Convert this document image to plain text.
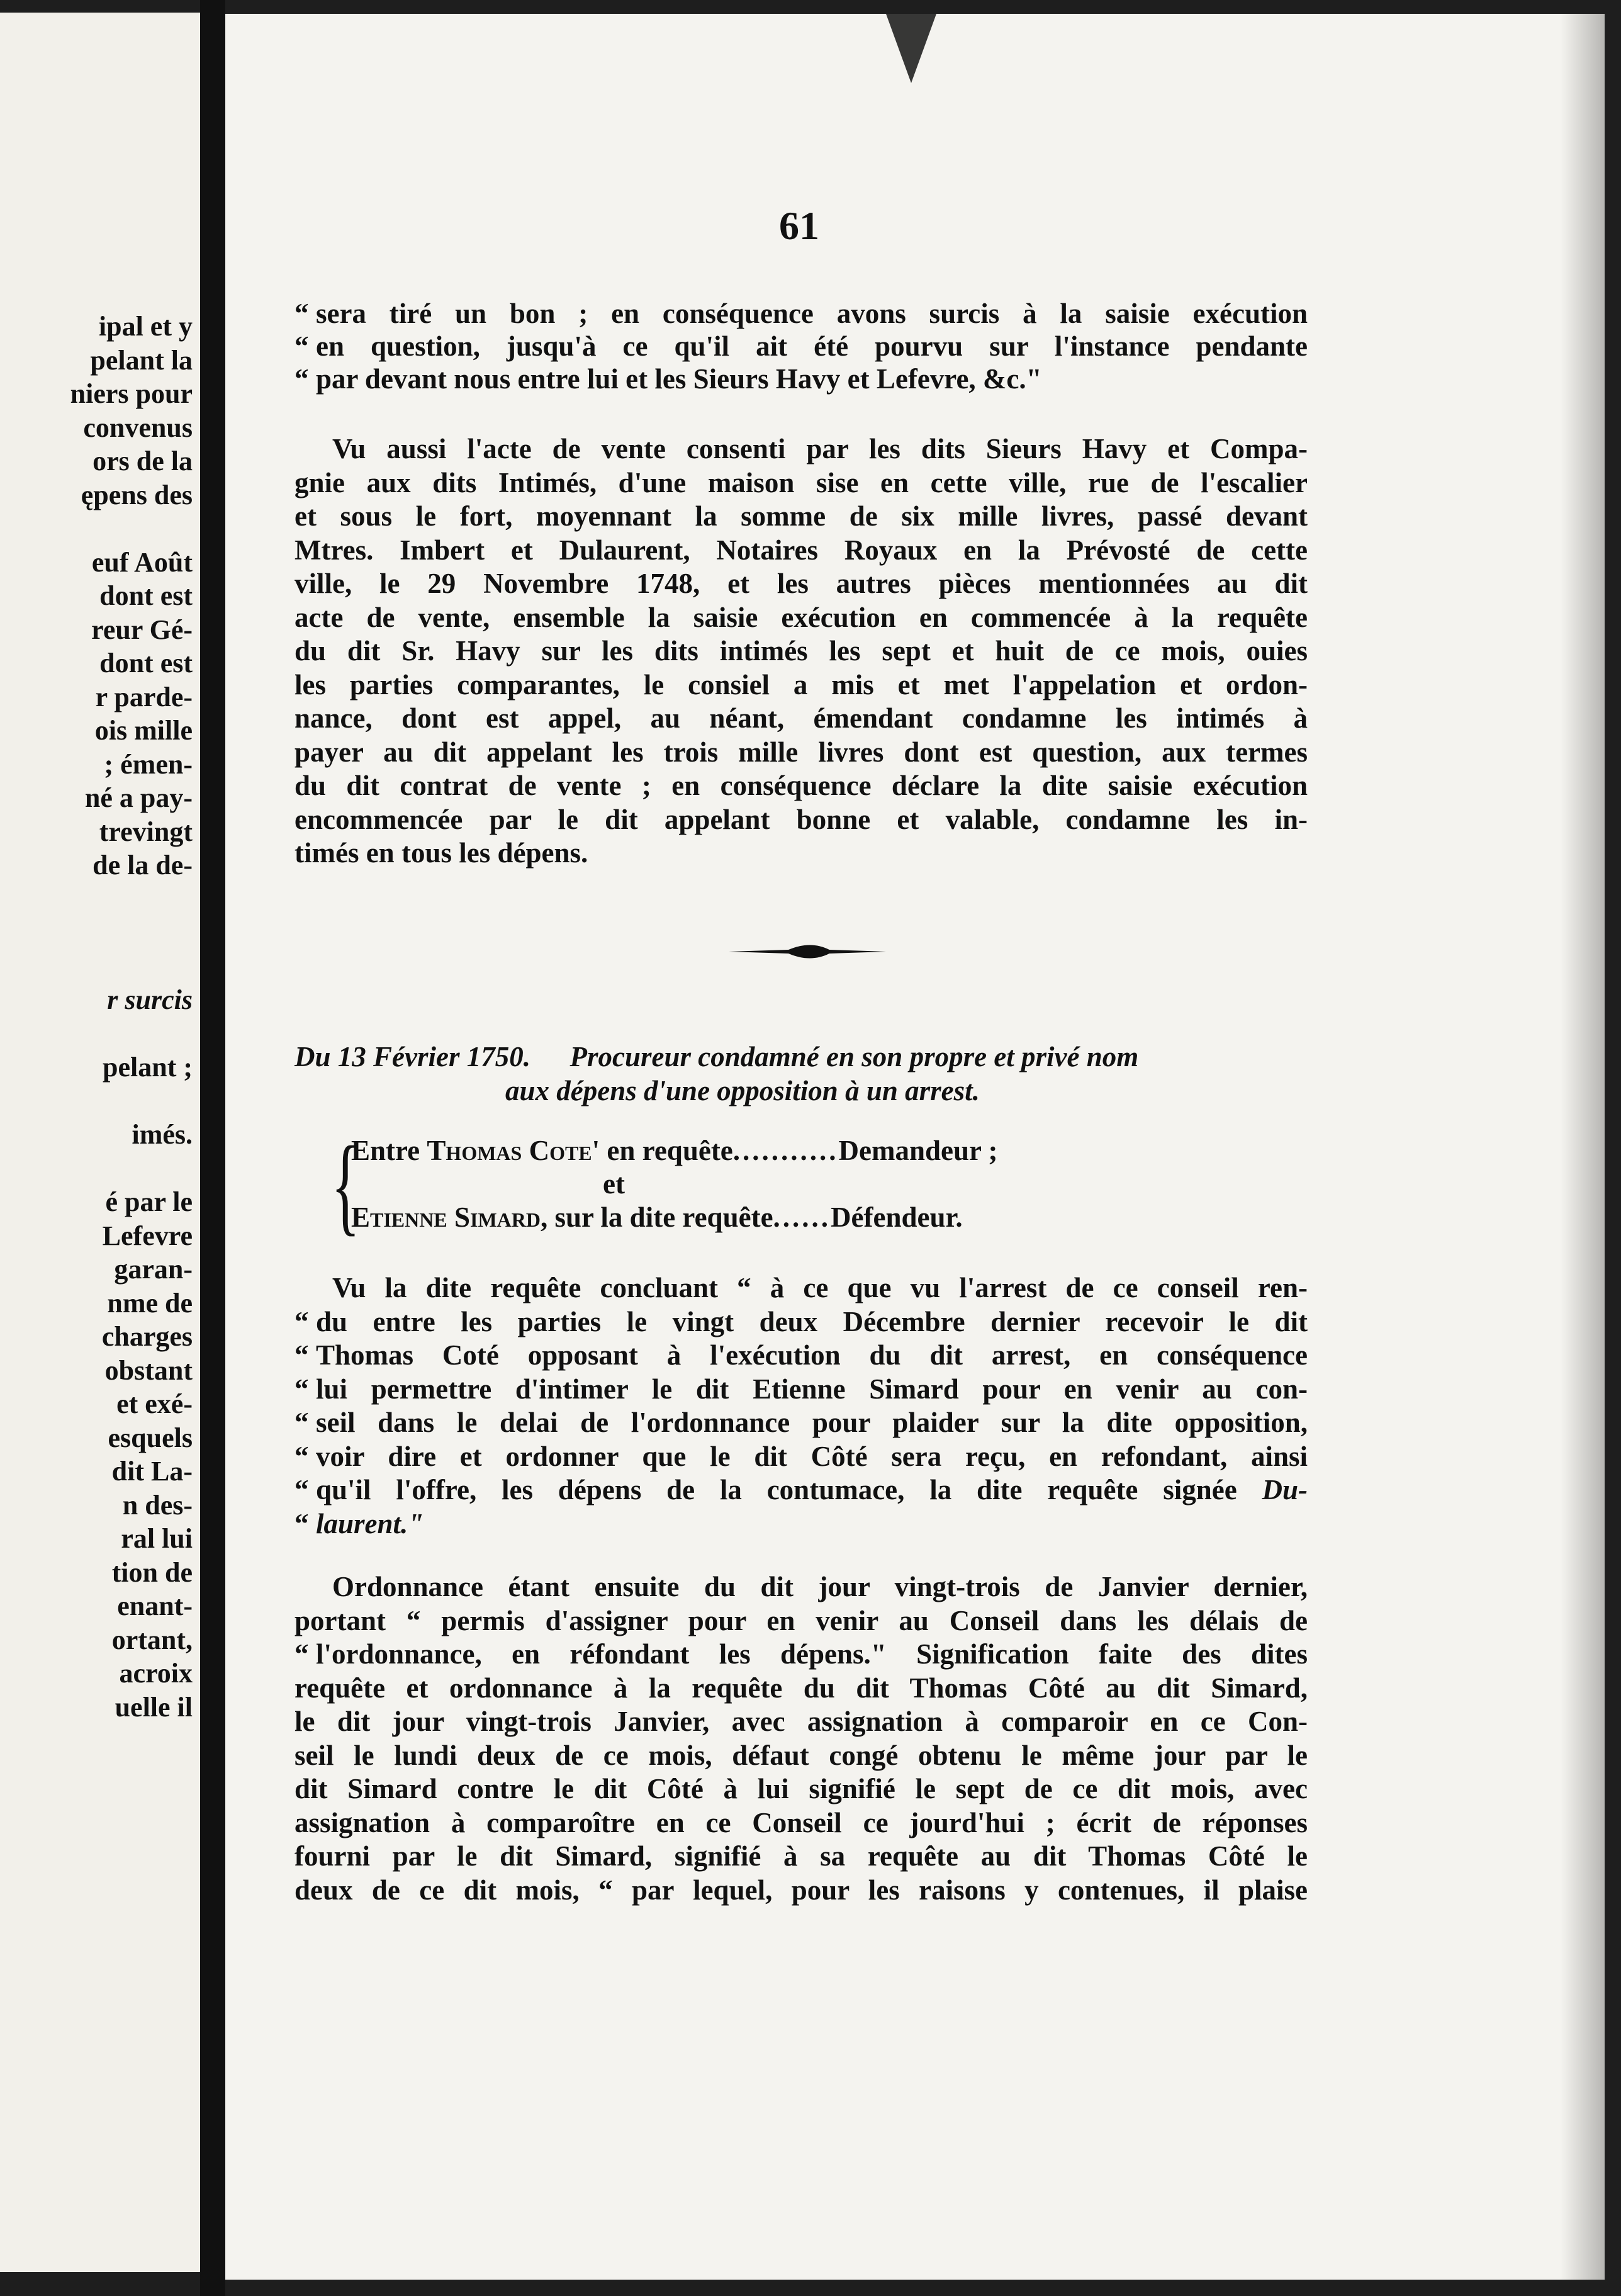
ipal et y
pelant la
niers pour
convenus
ors de la
ępens des
euf Août
dont est
reur Gé-
dont est
r parde-
ois mille
; émen-
né a pay-
trevingt
de la de-
r surcis
pelant ;
imés.
é par le
Lefevre
garan-
nme de
charges
obstant
et exé-
esquels
dit La-
n des-
ral lui
tion de
enant-
ortant,
acroix
uelle il
61
“ sera tiré un bon ; en conséquence avons surcis à la saisie exécution
“ en question, jusqu'à ce qu'il ait été pourvu sur l'instance pendante
“ par devant nous entre lui et les Sieurs Havy et Lefevre, &c."
Vu aussi l'acte de vente consenti par les dits Sieurs Havy et Compa-
gnie aux dits Intimés, d'une maison sise en cette ville, rue de l'escalier
et sous le fort, moyennant la somme de six mille livres, passé devant
Mtres. Imbert et Dulaurent, Notaires Royaux en la Prévosté de cette
ville, le 29 Novembre 1748, et les autres pièces mentionnées au dit
acte de vente, ensemble la saisie exécution en commencée à la requête
du dit Sr. Havy sur les dits intimés les sept et huit de ce mois, ouies
les parties comparantes, le consiel a mis et met l'appelation et ordon-
nance, dont est appel, au néant, émendant condamne les intimés à
payer au dit appelant les trois mille livres dont est question, aux termes
du dit contrat de vente ; en conséquence déclare la dite saisie exécution
encommencée par le dit appelant bonne et valable, condamne les in-
timés en tous les dépens.
Du 13 Février 1750. Procureur condamné en son propre et privé nom
aux dépens d'une opposition à un arrest.
{
Entre Thomas Cote' en requête...........Demandeur ;
et
Etienne Simard, sur la dite requête......Défendeur.
Vu la dite requête concluant “ à ce que vu l'arrest de ce conseil ren-
“ du entre les parties le vingt deux Décembre dernier recevoir le dit
“ Thomas Coté opposant à l'exécution du dit arrest, en conséquence
“ lui permettre d'intimer le dit Etienne Simard pour en venir au con-
“ seil dans le delai de l'ordonnance pour plaider sur la dite opposition,
“ voir dire et ordonner que le dit Côté sera reçu, en refondant, ainsi
“ qu'il l'offre, les dépens de la contumace, la dite requête signée Du-
“ laurent."
Ordonnance étant ensuite du dit jour vingt-trois de Janvier dernier,
portant “ permis d'assigner pour en venir au Conseil dans les délais de
“ l'ordonnance, en réfondant les dépens." Signification faite des dites
requête et ordonnance à la requête du dit Thomas Côté au dit Simard,
le dit jour vingt-trois Janvier, avec assignation à comparoir en ce Con-
seil le lundi deux de ce mois, défaut congé obtenu le même jour par le
dit Simard contre le dit Côté à lui signifié le sept de ce dit mois, avec
assignation à comparoître en ce Conseil ce jourd'hui ; écrit de réponses
fourni par le dit Simard, signifié à sa requête au dit Thomas Côté le
deux de ce dit mois, “ par lequel, pour les raisons y contenues, il plaise
